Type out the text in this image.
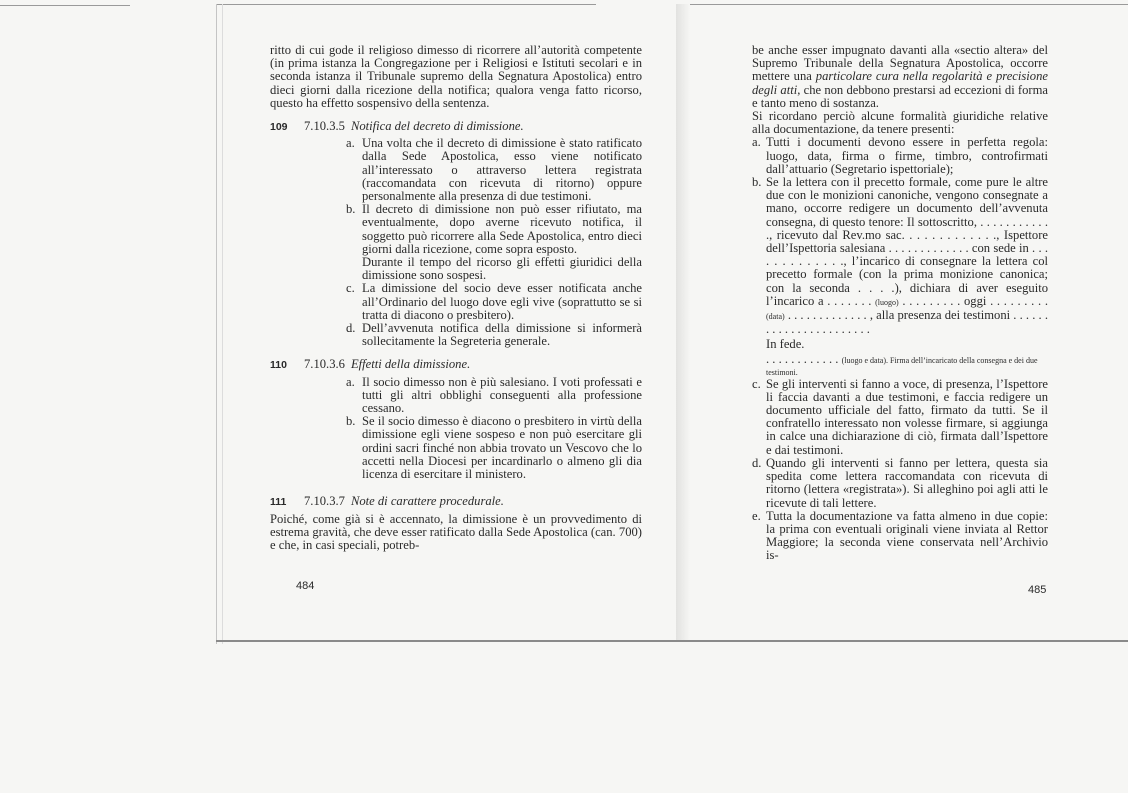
ritto di cui gode il religioso dimesso di ricorrere all’autorità competente (in prima istanza la Congregazione per i Religiosi e Istituti secolari e in seconda istanza il Tribunale supremo della Segnatura Apostolica) entro dieci giorni dalla ricezione della notifica; qualora venga fatto ricorso, questo ha effetto sospensivo della sentenza.

109	7.10.3.5 Notifica del decreto di dimissione.
a. Una volta che il decreto di dimissione è stato ratificato dalla Sede Apostolica, esso viene notificato all’interessato o attraverso lettera registrata (raccomandata con ricevuta di ritorno) oppure personalmente alla presenza di due testimoni.
b. Il decreto di dimissione non può esser rifiutato, ma eventualmente, dopo averne ricevuto notifica, il soggetto può ricorrere alla Sede Apostolica, entro dieci giorni dalla ricezione, come sopra esposto.
Durante il tempo del ricorso gli effetti giuridici della dimissione sono sospesi.
c. La dimissione del socio deve esser notificata anche all’Ordinario del luogo dove egli vive (soprattutto se si tratta di diacono o presbitero).
d. Dell’avvenuta notifica della dimissione si informerà sollecitamente la Segreteria generale.
110	7.10.3.6 Effetti della dimissione.
a. Il socio dimesso non è più salesiano. I voti professati e tutti gli altri obblighi conseguenti alla professione cessano.
b. Se il socio dimesso è diacono o presbitero in virtù della dimissione egli viene sospeso e non può esercitare gli ordini sacri finché non abbia trovato un Vescovo che lo accetti nella Diocesi per incardinarlo o almeno gli dia licenza di esercitare il ministero.
111	7.10.3.7 Note di carattere procedurale.

Poiché, come già si è accennato, la dimissione è un provvedimento di estrema gravità, che deve esser ratificato dalla Sede Apostolica (can. 700) e che, in casi speciali, potreb-

484

be anche esser impugnato davanti alla «sectio altera» del Supremo Tribunale della Segnatura Apostolica, occorre mettere una particolare cura nella regolarità e precisione degli atti, che non debbono prestarsi ad eccezioni di forma e tanto meno di sostanza.

Si ricordano perciò alcune formalità giuridiche relative alla documentazione, da tenere presenti:

a. Tutti i documenti devono essere in perfetta regola: luogo, data, firma o firme, timbro, controfirmati dall’attuario (Segretario ispettoriale);
b. Se la lettera con il precetto formale, come pure le altre due con le monizioni canoniche, vengono consegnate a mano, occorre redigere un documento dell’avvenuta consegna, di questo tenore: Il sottoscritto, . . . . . . . . . . . ., ricevuto dal Rev.mo sac. . . . . . . . . . . . ., Ispettore dell’Ispettoria salesiana . . . . . . . . . . . . . con sede in . . . . . . . . . . . . ., l’incarico di consegnare la lettera col precetto formale (con la prima monizione canonica; con la seconda . . . .), dichiara di aver eseguito l’incarico a . . . . . . . (luogo) . . . . . . . . . oggi . . . . . . . . . (data) . . . . . . . . . . . . . , alla presenza dei testimoni . . . . . . . . . . . . . . . . . . . . . . .
In fede.
. . . . . . . . . . . . (luogo e data). Firma dell’incaricato della consegna e dei due testimoni.
c. Se gli interventi si fanno a voce, di presenza, l’Ispettore li faccia davanti a due testimoni, e faccia redigere un documento ufficiale del fatto, firmato da tutti. Se il confratello interessato non volesse firmare, si aggiunga in calce una dichiarazione di ciò, firmata dall’Ispettore e dai testimoni.
d. Quando gli interventi si fanno per lettera, questa sia spedita come lettera raccomandata con ricevuta di ritorno (lettera «registrata»). Si alleghino poi agli atti le ricevute di tali lettere.
e. Tutta la documentazione va fatta almeno in due copie: la prima con eventuali originali viene inviata al Rettor Maggiore; la seconda viene conservata nell’Archivio is-
485
